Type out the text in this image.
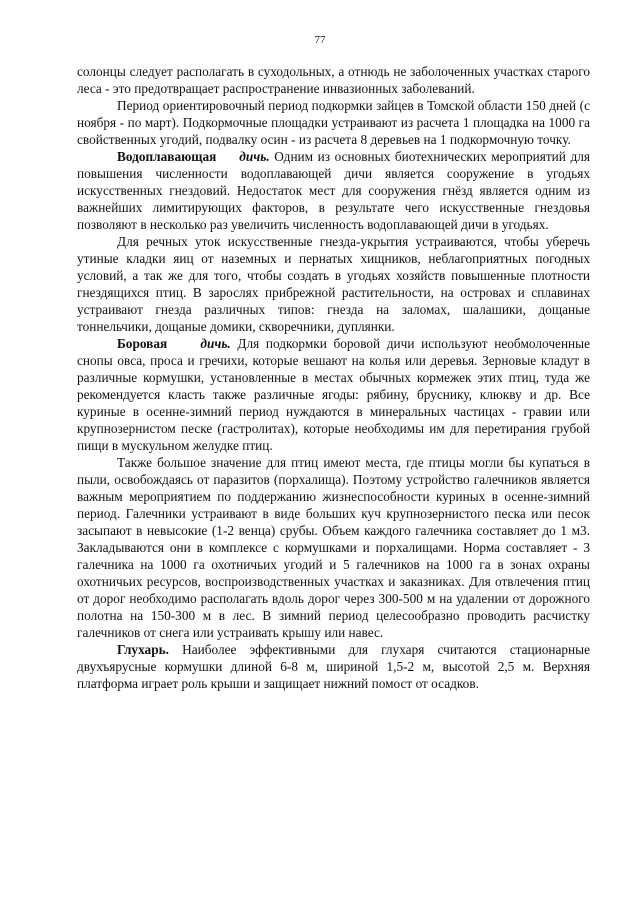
77

солонцы следует располагать в суходольных, а отнюдь не заболоченных участках старого леса - это предотвращает распространение инвазионных заболеваний.

Период ориентировочный период подкормки зайцев в Томской области 150 дней (с ноября - по март). Подкормочные площадки устраивают из расчета 1 площадка на 1000 га свойственных угодий, подвалку осин - из расчета 8 деревьев на 1 подкормочную точку.

Водоплавающая дичь. Одним из основных биотехнических мероприятий для повышения численности водоплавающей дичи является сооружение в угодьях искусственных гнездовий. Недостаток мест для сооружения гнёзд является одним из важнейших лимитирующих факторов, в результате чего искусственные гнездовья позволяют в несколько раз увеличить численность водоплавающей дичи в угодьях.

Для речных уток искусственные гнезда-укрытия устраиваются, чтобы уберечь утиные кладки яиц от наземных и пернатых хищников, неблагоприятных погодных условий, а так же для того, чтобы создать в угодьях хозяйств повышенные плотности гнездящихся птиц. В зарослях прибрежной растительности, на островах и сплавинах устраивают гнезда различных типов: гнезда на заломах, шалашики, дощаные тоннельчики, дощаные домики, скворечники, дуплянки.

Боровая дичь. Для подкормки боровой дичи используют необмолоченные снопы овса, проса и гречихи, которые вешают на колья или деревья. Зерновые кладут в различные кормушки, установленные в местах обычных кормежек этих птиц, туда же рекомендуется класть также различные ягоды: рябину, бруснику, клюкву и др. Все куриные в осенне-зимний период нуждаются в минеральных частицах - гравии или крупнозернистом песке (гастролитах), которые необходимы им для перетирания грубой пищи в мускульном желудке птиц.

Также большое значение для птиц имеют места, где птицы могли бы купаться в пыли, освобождаясь от паразитов (порхалища). Поэтому устройство галечников является важным мероприятием по поддержанию жизнеспособности куриных в осенне-зимний период. Галечники устраивают в виде больших куч крупнозернистого песка или песок засыпают в невысокие (1-2 венца) срубы. Объем каждого галечника составляет до 1 м3. Закладываются они в комплексе с кормушками и порхалищами. Норма составляет - 3 галечника на 1000 га охотничьих угодий и 5 галечников на 1000 га в зонах охраны охотничьих ресурсов, воспроизводственных участках и заказниках. Для отвлечения птиц от дорог необходимо располагать вдоль дорог через 300-500 м на удалении от дорожного полотна на 150-300 м в лес. В зимний период целесообразно проводить расчистку галечников от снега или устраивать крышу или навес.

Глухарь. Наиболее эффективными для глухаря считаются стационарные двухъярусные кормушки длиной 6-8 м, шириной 1,5-2 м, высотой 2,5 м. Верхняя платформа играет роль крыши и защищает нижний помост от осадков.
